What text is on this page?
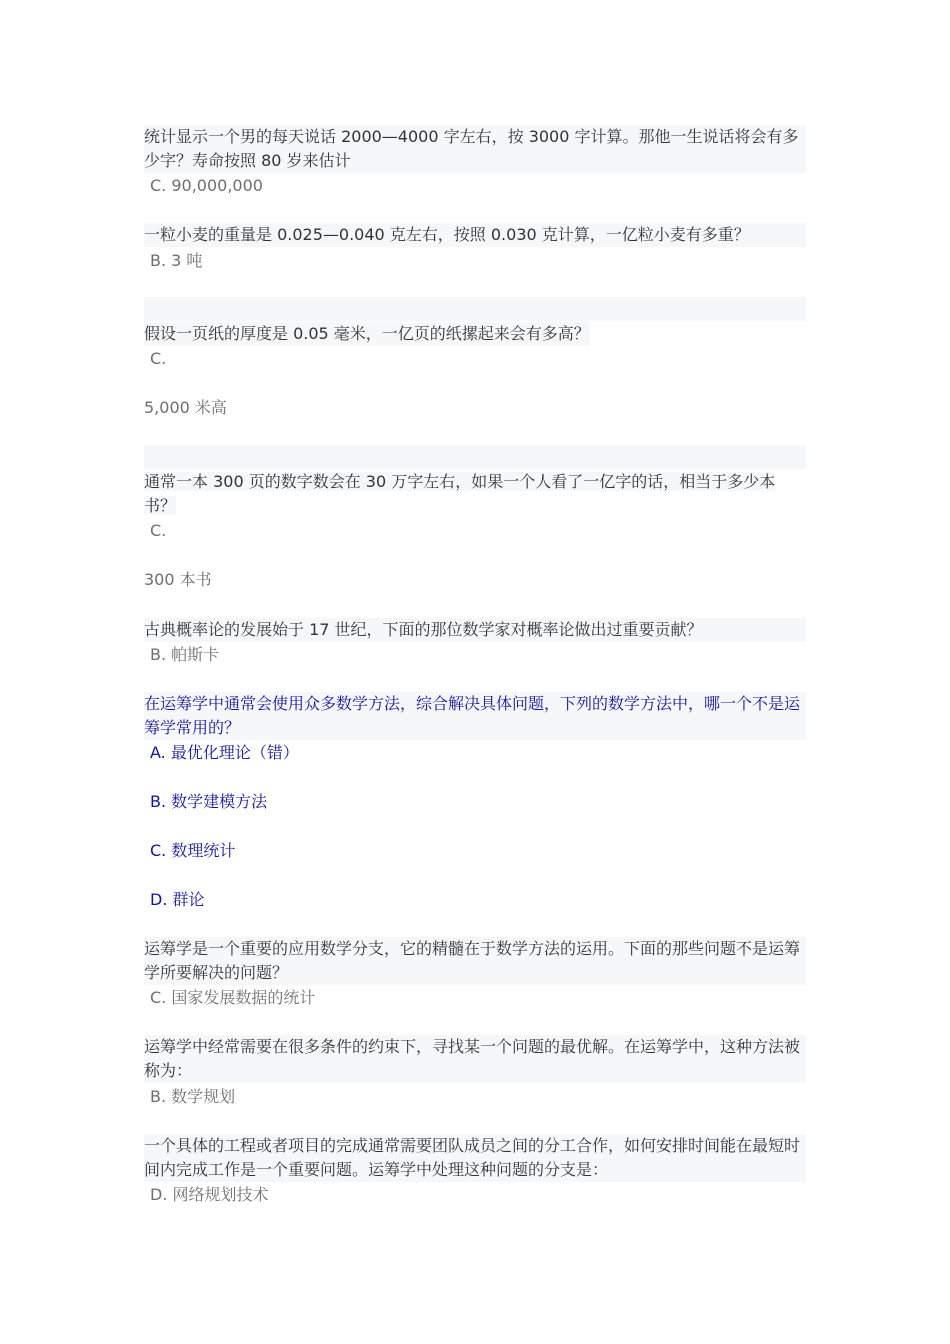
统计显示一个男的每天说话 2000—4000 字左右，按 3000 字计算。那他一生说话将会有多少字？寿命按照 80 岁来估计
C. 90,000,000
一粒小麦的重量是 0.025—0.040 克左右，按照 0.030 克计算，一亿粒小麦有多重？
B. 3 吨
假设一页纸的厚度是 0.05 毫米，一亿页的纸摞起来会有多高？
C.
5,000 米高
通常一本 300 页的数字数会在 30 万字左右，如果一个人看了一亿字的话，相当于多少本书？
C.
300 本书
古典概率论的发展始于 17 世纪，下面的那位数学家对概率论做出过重要贡献？
B. 帕斯卡
在运筹学中通常会使用众多数学方法，综合解决具体问题，下列的数学方法中，哪一个不是运筹学常用的？
A. 最优化理论（错）
B. 数学建模方法
C. 数理统计
D. 群论
运筹学是一个重要的应用数学分支，它的精髓在于数学方法的运用。下面的那些问题不是运筹学所要解决的问题？
C. 国家发展数据的统计
运筹学中经常需要在很多条件的约束下，寻找某一个问题的最优解。在运筹学中，这种方法被称为：
B. 数学规划
一个具体的工程或者项目的完成通常需要团队成员之间的分工合作，如何安排时间能在最短时间内完成工作是一个重要问题。运筹学中处理这种问题的分支是：
D. 网络规划技术
